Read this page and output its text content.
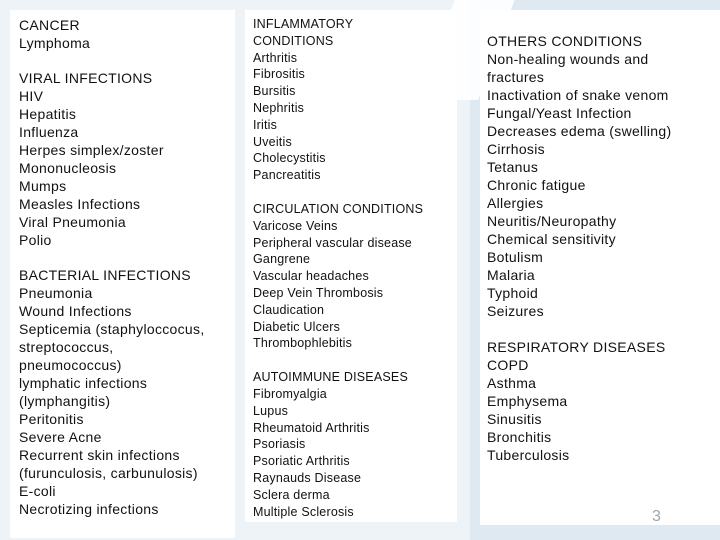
CANCER
Lymphoma
VIRAL INFECTIONS
HIV
Hepatitis
Influenza
Herpes simplex/zoster
Mononucleosis
Mumps
Measles Infections
Viral Pneumonia
Polio
BACTERIAL INFECTIONS
Pneumonia
Wound Infections
Septicemia (staphyloccocus,
streptococcus,
pneumococcus)
lymphatic infections
(lymphangitis)
Peritonitis
Severe Acne
Recurrent skin infections
(furunculosis, carbunulosis)
E-coli
Necrotizing infections
INFLAMMATORY
CONDITIONS
Arthritis
Fibrositis
Bursitis
Nephritis
Iritis
Uveitis
Cholecystitis
Pancreatitis
CIRCULATION CONDITIONS
Varicose Veins
Peripheral vascular disease
Gangrene
Vascular headaches
Deep Vein Thrombosis
Claudication
Diabetic Ulcers
Thrombophlebitis
AUTOIMMUNE DISEASES
Fibromyalgia
Lupus
Rheumatoid Arthritis
Psoriasis
Psoriatic Arthritis
Raynauds Disease
Sclera derma
Multiple Sclerosis
OTHERS CONDITIONS
Non-healing wounds and
fractures
Inactivation of snake venom
Fungal/Yeast Infection
Decreases edema (swelling)
Cirrhosis
Tetanus
Chronic fatigue
Allergies
Neuritis/Neuropathy
Chemical sensitivity
Botulism
Malaria
Typhoid
Seizures
RESPIRATORY DISEASES
COPD
Asthma
Emphysema
Sinusitis
Bronchitis
Tuberculosis
3
